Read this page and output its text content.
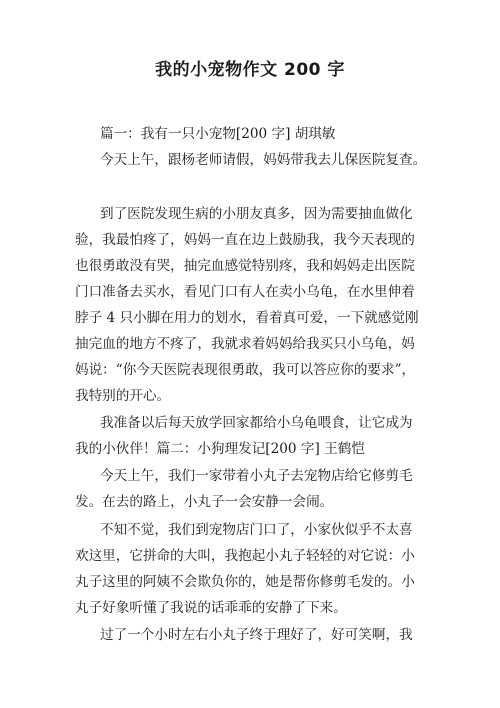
我的小宠物作文 200 字
篇一：我有一只小宠物[200 字] 胡琪敏
今天上午，跟杨老师请假，妈妈带我去儿保医院复查。
到了医院发现生病的小朋友真多，因为需要抽血做化
验，我最怕疼了，妈妈一直在边上鼓励我，我今天表现的
也很勇敢没有哭，抽完血感觉特别疼，我和妈妈走出医院
门口准备去买水，看见门口有人在卖小乌龟，在水里伸着
脖子 4 只小脚在用力的划水，看着真可爱，一下就感觉刚
抽完血的地方不疼了，我就求着妈妈给我买只小乌龟，妈
妈说：“你今天医院表现很勇敢，我可以答应你的要求”，
我特别的开心。
我准备以后每天放学回家都给小乌龟喂食，让它成为
我的小伙伴！篇二：小狗理发记[200 字] 王鹤恺
今天上午，我们一家带着小丸子去宠物店给它修剪毛
发。在去的路上，小丸子一会安静一会闹。
不知不觉，我们到宠物店门口了，小家伙似乎不太喜
欢这里，它拼命的大叫，我抱起小丸子轻轻的对它说：小
丸子这里的阿姨不会欺负你的，她是帮你修剪毛发的。小
丸子好象听懂了我说的话乖乖的安静了下来。
过了一个小时左右小丸子终于理好了，好可笑啊，我
